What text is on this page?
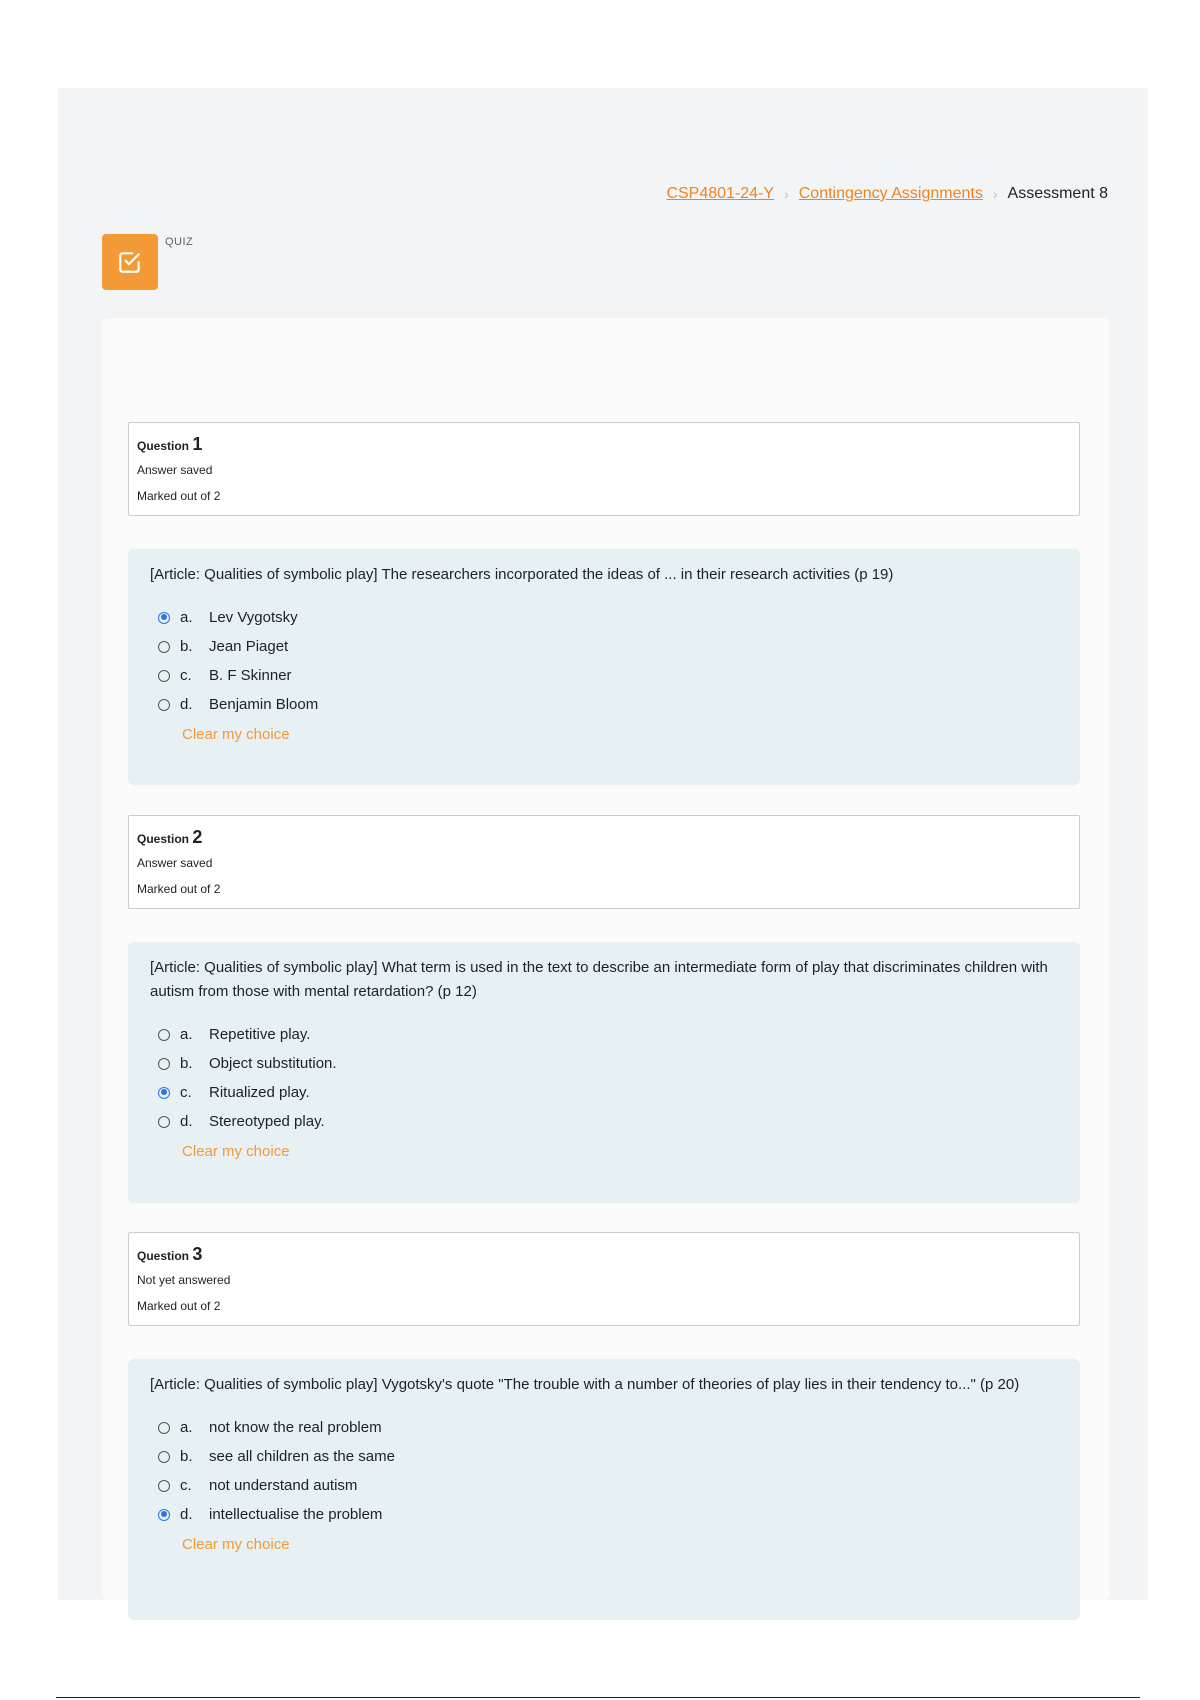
CSP4801-24-Y › Contingency Assignments › Assessment 8
QUIZ
Question 1
Answer saved
Marked out of 2
[Article: Qualities of symbolic play] The researchers incorporated the ideas of ... in their research activities (p 19)
a.	Lev Vygotsky
b.	Jean Piaget
c.	B. F Skinner
d.	Benjamin Bloom
Clear my choice
Question 2
Answer saved
Marked out of 2
[Article: Qualities of symbolic play] What term is used in the text to describe an intermediate form of play that discriminates children with autism from those with mental retardation? (p 12)
a.	Repetitive play.
b.	Object substitution.
c.	Ritualized play.
d.	Stereotyped play.
Clear my choice
Question 3
Not yet answered
Marked out of 2
[Article: Qualities of symbolic play] Vygotsky's quote "The trouble with a number of theories of play lies in their tendency to..." (p 20)
a.	not know the real problem
b.	see all children as the same
c.	not understand autism
d.	intellectualise the problem
Clear my choice
